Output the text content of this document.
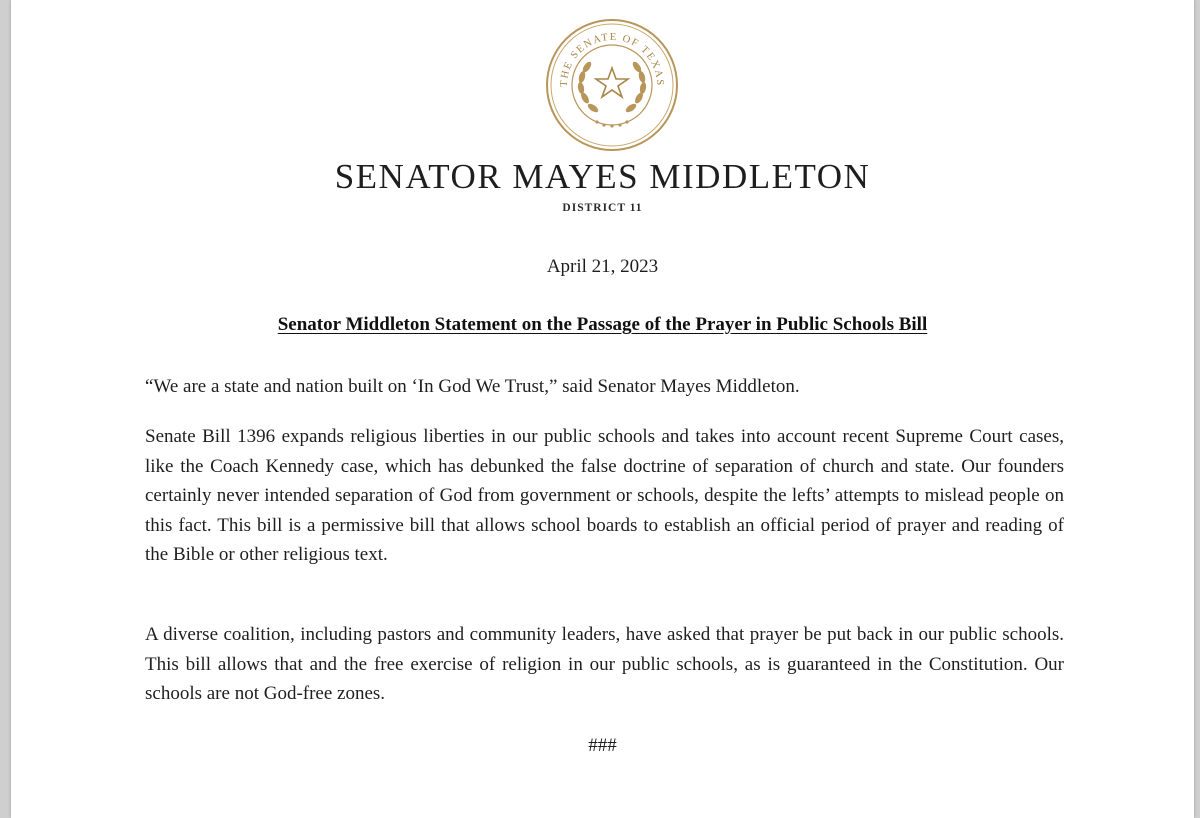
THE SENATE OF TEXAS
SENATOR MAYES MIDDLETON
DISTRICT 11
April 21, 2023
Senator Middleton Statement on the Passage of the Prayer in Public Schools Bill
“We are a state and nation built on ‘In God We Trust,” said Senator Mayes Middleton.
Senate Bill 1396 expands religious liberties in our public schools and takes into account recent Supreme Court cases, like the Coach Kennedy case, which has debunked the false doctrine of separation of church and state. Our founders certainly never intended separation of God from government or schools, despite the lefts’ attempts to mislead people on this fact. This bill is a permissive bill that allows school boards to establish an official period of prayer and reading of the Bible or other religious text.
A diverse coalition, including pastors and community leaders, have asked that prayer be put back in our public schools. This bill allows that and the free exercise of religion in our public schools, as is guaranteed in the Constitution. Our schools are not God-free zones.
###
